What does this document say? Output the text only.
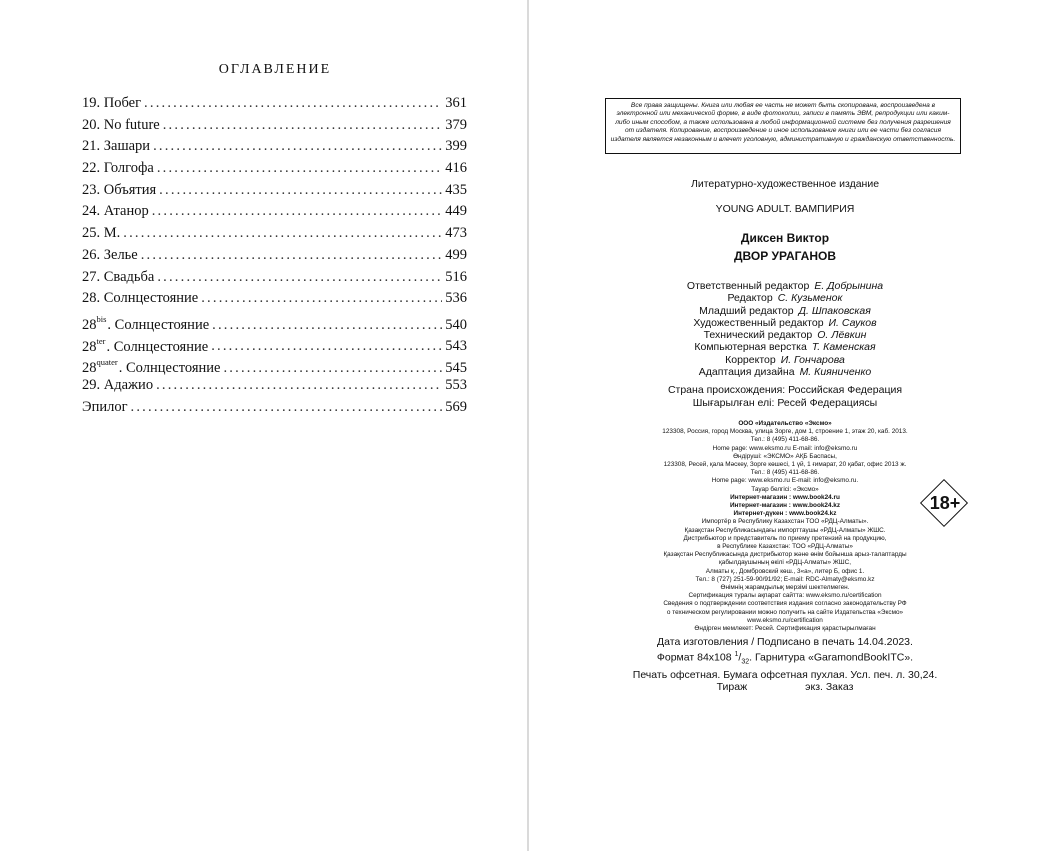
ОГЛАВЛЕНИЕ
19. Побег .....	361
20. No future .....	379
21. Зашари .....	399
22. Голгофа .....	416
23. Объятия .....	435
24. Атанор .....	449
25. М. .....	473
26. Зелье .....	499
27. Свадьба .....	516
28. Солнцестояние .....	536
$28^{bis}$. Солнцестояние .....	540
$28^{ter}$. Солнцестояние .....	543
$28^{quater}$. Солнцестояние .....	545
29. Адажио .....	553
Эпилог .....	569
Все права защищены. Книга или любая ее часть не может быть скопирована, воспроизведена в электронной или механической форме, в виде фотокопии, записи в память ЭВМ, репродукции или каким-либо иным способом, а также использована в любой информационной системе без получения разрешения от издателя. Копирование, воспроизведение и иное использование книги или ее части без согласия издателя является незаконным и влечет уголовную, административную и гражданскую ответственность.
Литературно-художественное издание
YOUNG ADULT. ВАМПИРИЯ
Диксен Виктор
ДВОР УРАГАНОВ
Ответственный редактор Е. Добрынина
Редактор С. Кузьменок
Младший редактор Д. Шпаковская
Художественный редактор И. Сауков
Технический редактор О. Лёвкин
Компьютерная верстка Т. Каменская
Корректор И. Гончарова
Адаптация дизайна М. Кияниченко
Страна происхождения: Российская Федерация
Шығарылған елі: Ресей Федерациясы
ООО «Издательство «Эксмо»
123308, Россия, город Москва, улица Зорге, дом 1, строение 1, этаж 20, каб. 2013.
Тел.: 8 (495) 411-68-86.
Home page: www.eksmo.ru E-mail: info@eksmo.ru
Өндіруші: «ЭКСМО» АҚБ Баспасы,
123308, Ресей, қала Мәскеу, Зорге көшесі, 1 үй, 1 ғимарат, 20 қабат, офис 2013 ж.
Тел.: 8 (495) 411-68-86.
Home page: www.eksmo.ru E-mail: info@eksmo.ru.
Тауар белгісі: «Эксмо»
Интернет-магазин : www.book24.ru
Интернет-магазин : www.book24.kz
Интернет-дүкен : www.book24.kz
Импортёр в Республику Казахстан ТОО «РДЦ-Алматы».
Қазақстан Республикасындағы импорттаушы «РДЦ-Алматы» ЖШС.
Дистрибьютор и представитель по приему претензий на продукцию,
в Республике Казахстан: ТОО «РДЦ-Алматы»
Қазақстан Республикасында дистрибьютор және өнім бойынша арыз-талаптарды
қабылдаушының өкілі «РДЦ-Алматы» ЖШС,
Алматы қ., Домбровский көш., 3«а», литер Б, офис 1.
Тел.: 8 (727) 251-59-90/91/92; E-mail: RDC-Almaty@eksmo.kz
Өнімнің жарамдылық мерзімі шектелмеген.
Сертификация туралы ақпарат сайтта: www.eksmo.ru/certification
Сведения о подтверждении соответствия издания согласно законодательству РФ
о техническом регулировании можно получить на сайте Издательства «Эксмо»
www.eksmo.ru/certification
Өндірген мемлекет: Ресей. Сертификация қарастырылмаған
18+
Дата изготовления / Подписано в печать 14.04.2023.
Формат 84x108 $^1/_{32}$. Гарнитура «GaramondBookITC».
Печать офсетная. Бумага офсетная пухлая. Усл. печ. л. 30,24.
Тираж	экз. Заказ
